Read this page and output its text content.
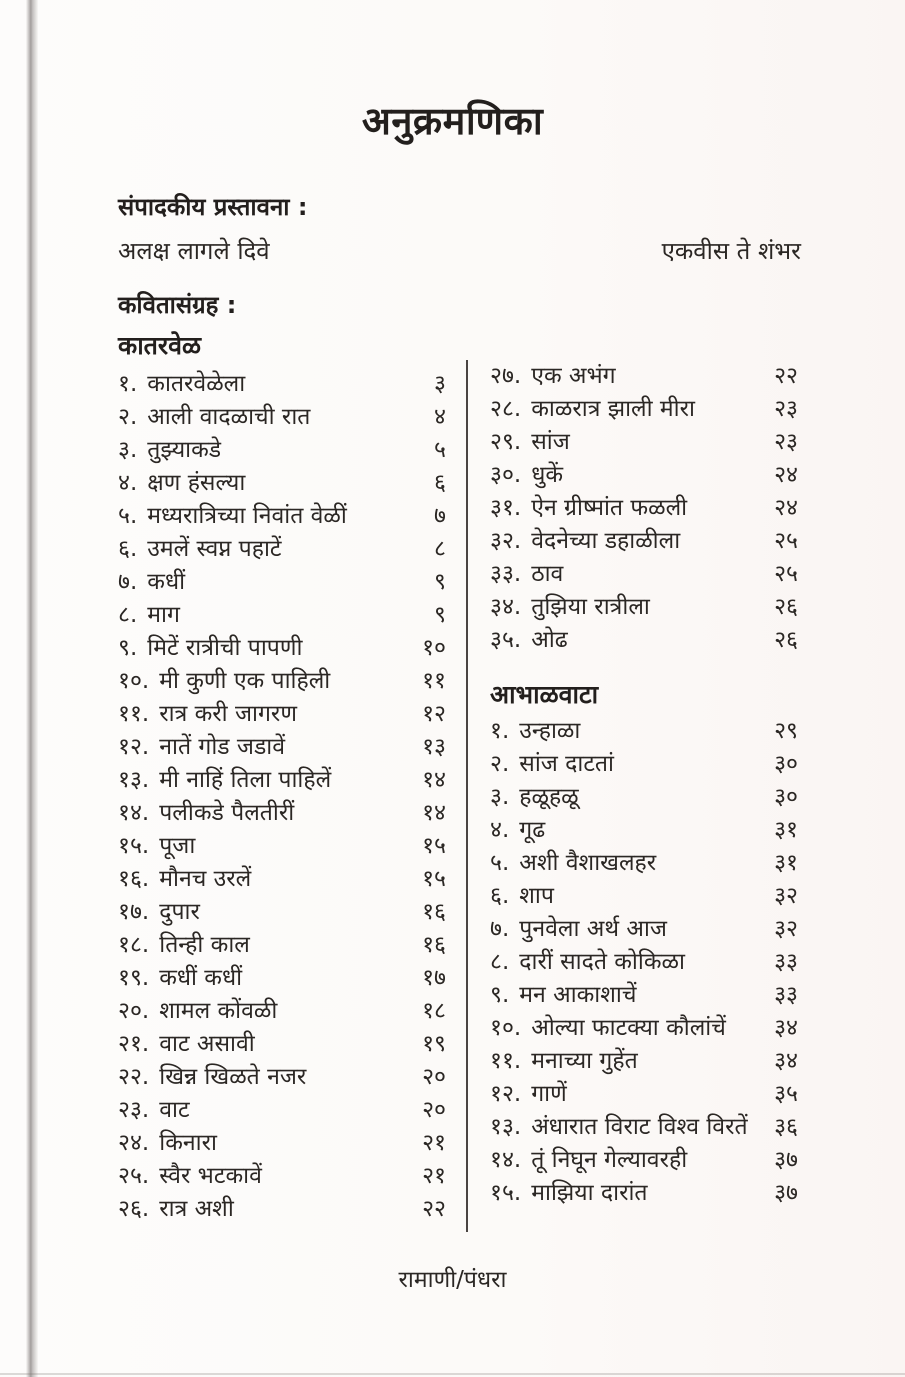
अनुक्रमणिका
संपादकीय प्रस्तावना :
अलक्ष लागले दिवे	एकवीस ते शंभर
कवितासंग्रह :
कातरवेळ
१. कातरवेळेला	३
२. आली वादळाची रात	४
३. तुझ्याकडे	५
४. क्षण हंसल्या	६
५. मध्यरात्रिच्या निवांत वेळीं	७
६. उमलें स्वप्न पहाटें	८
७. कधीं	९
८. माग	९
९. मिटें रात्रीची पापणी	१०
१०. मी कुणी एक पाहिली	११
११. रात्र करी जागरण	१२
१२. नातें गोड जडावें	१३
१३. मी नाहिं तिला पाहिलें	१४
१४. पलीकडे पैलतीरीं	१४
१५. पूजा	१५
१६. मौनच उरलें	१५
१७. दुपार	१६
१८. तिन्ही काल	१६
१९. कधीं कधीं	१७
२०. शामल कोंवळी	१८
२१. वाट असावी	१९
२२. खिन्न खिळते नजर	२०
२३. वाट	२०
२४. किनारा	२१
२५. स्वैर भटकावें	२१
२६. रात्र अशी	२२
२७. एक अभंग	२२
२८. काळरात्र झाली मीरा	२३
२९. सांज	२३
३०. धुकें	२४
३१. ऐन ग्रीष्मांत फळली	२४
३२. वेदनेच्या डहाळीला	२५
३३. ठाव	२५
३४. तुझिया रात्रीला	२६
३५. ओढ	२६
आभाळवाटा
१. उन्हाळा	२९
२. सांज दाटतां	३०
३. हळूहळू	३०
४. गूढ	३१
५. अशी वैशाखलहर	३१
६. शाप	३२
७. पुनवेला अर्थ आज	३२
८. दारीं सादते कोकिळा	३३
९. मन आकाशाचें	३३
१०. ओल्या फाटक्या कौलांचें ३४
११. मनाच्या गुहेंत	३४
१२. गाणें	३५
१३. अंधारात विराट विश्व विरतें ३६
१४. तूं निघून गेल्यावरही	३७
१५. माझिया दारांत	३७
रामाणी/पंधरा
